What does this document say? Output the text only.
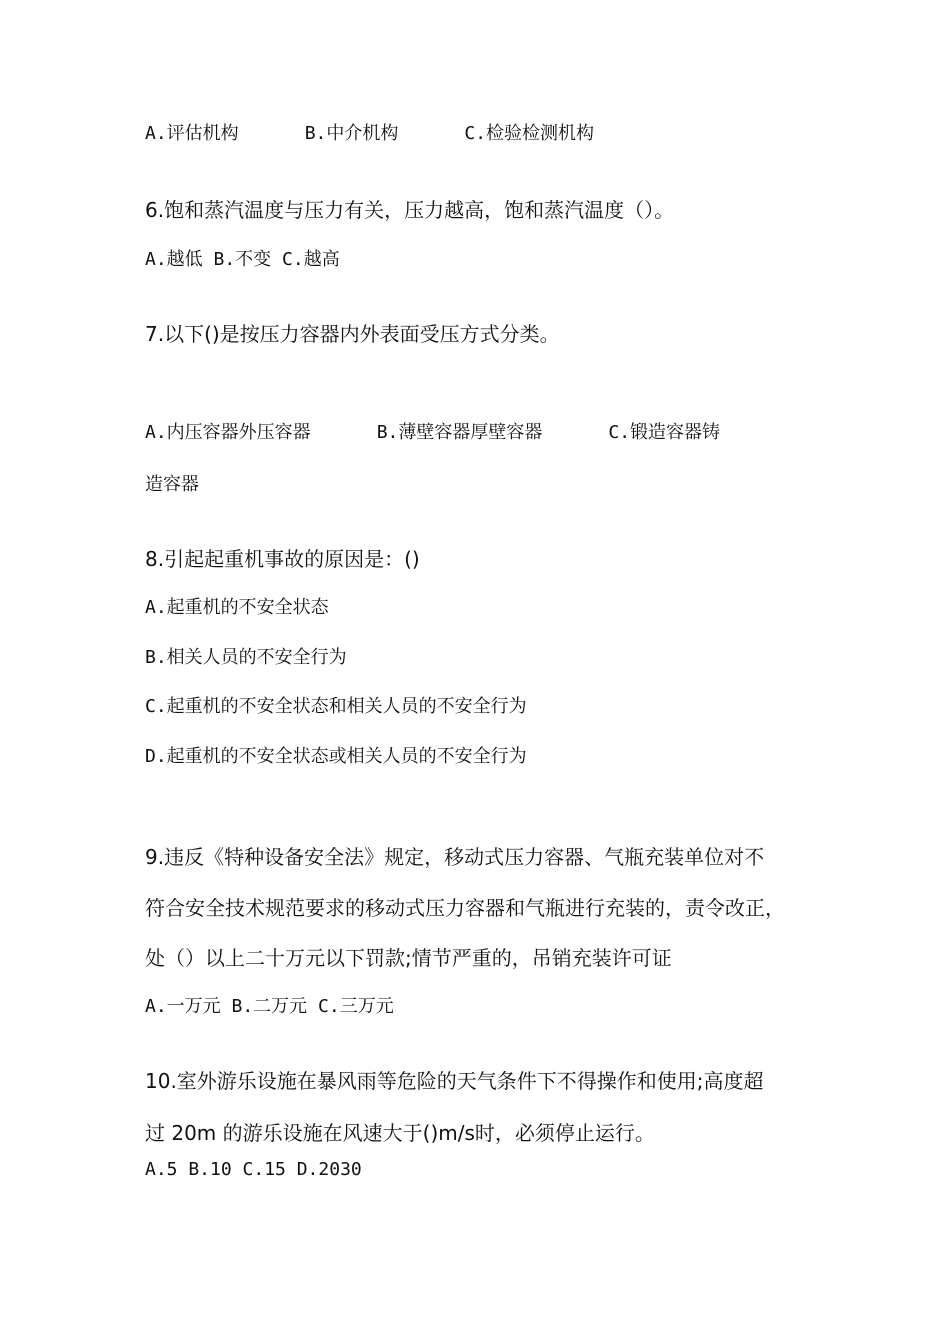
A.评估机构	B.中介机构	C.检验检测机构
6.饱和蒸汽温度与压力有关，压力越高，饱和蒸汽温度（）。
A.越低 B.不变 C.越高
7.以下()是按压力容器内外表面受压方式分类。
A.内压容器外压容器	B.薄壁容器厚壁容器	C.锻造容器铸
造容器
8.引起起重机事故的原因是：()
A.起重机的不安全状态
B.相关人员的不安全行为
C.起重机的不安全状态和相关人员的不安全行为
D.起重机的不安全状态或相关人员的不安全行为
9.违反《特种设备安全法》规定，移动式压力容器、气瓶充装单位对不
符合安全技术规范要求的移动式压力容器和气瓶进行充装的，责令改正，
处（）以上二十万元以下罚款;情节严重的，吊销充装许可证
A.一万元 B.二万元 C.三万元
10.室外游乐设施在暴风雨等危险的天气条件下不得操作和使用;高度超
过 20m 的游乐设施在风速大于()m/s时，必须停止运行。
A.5 B.10 C.15 D.2030
